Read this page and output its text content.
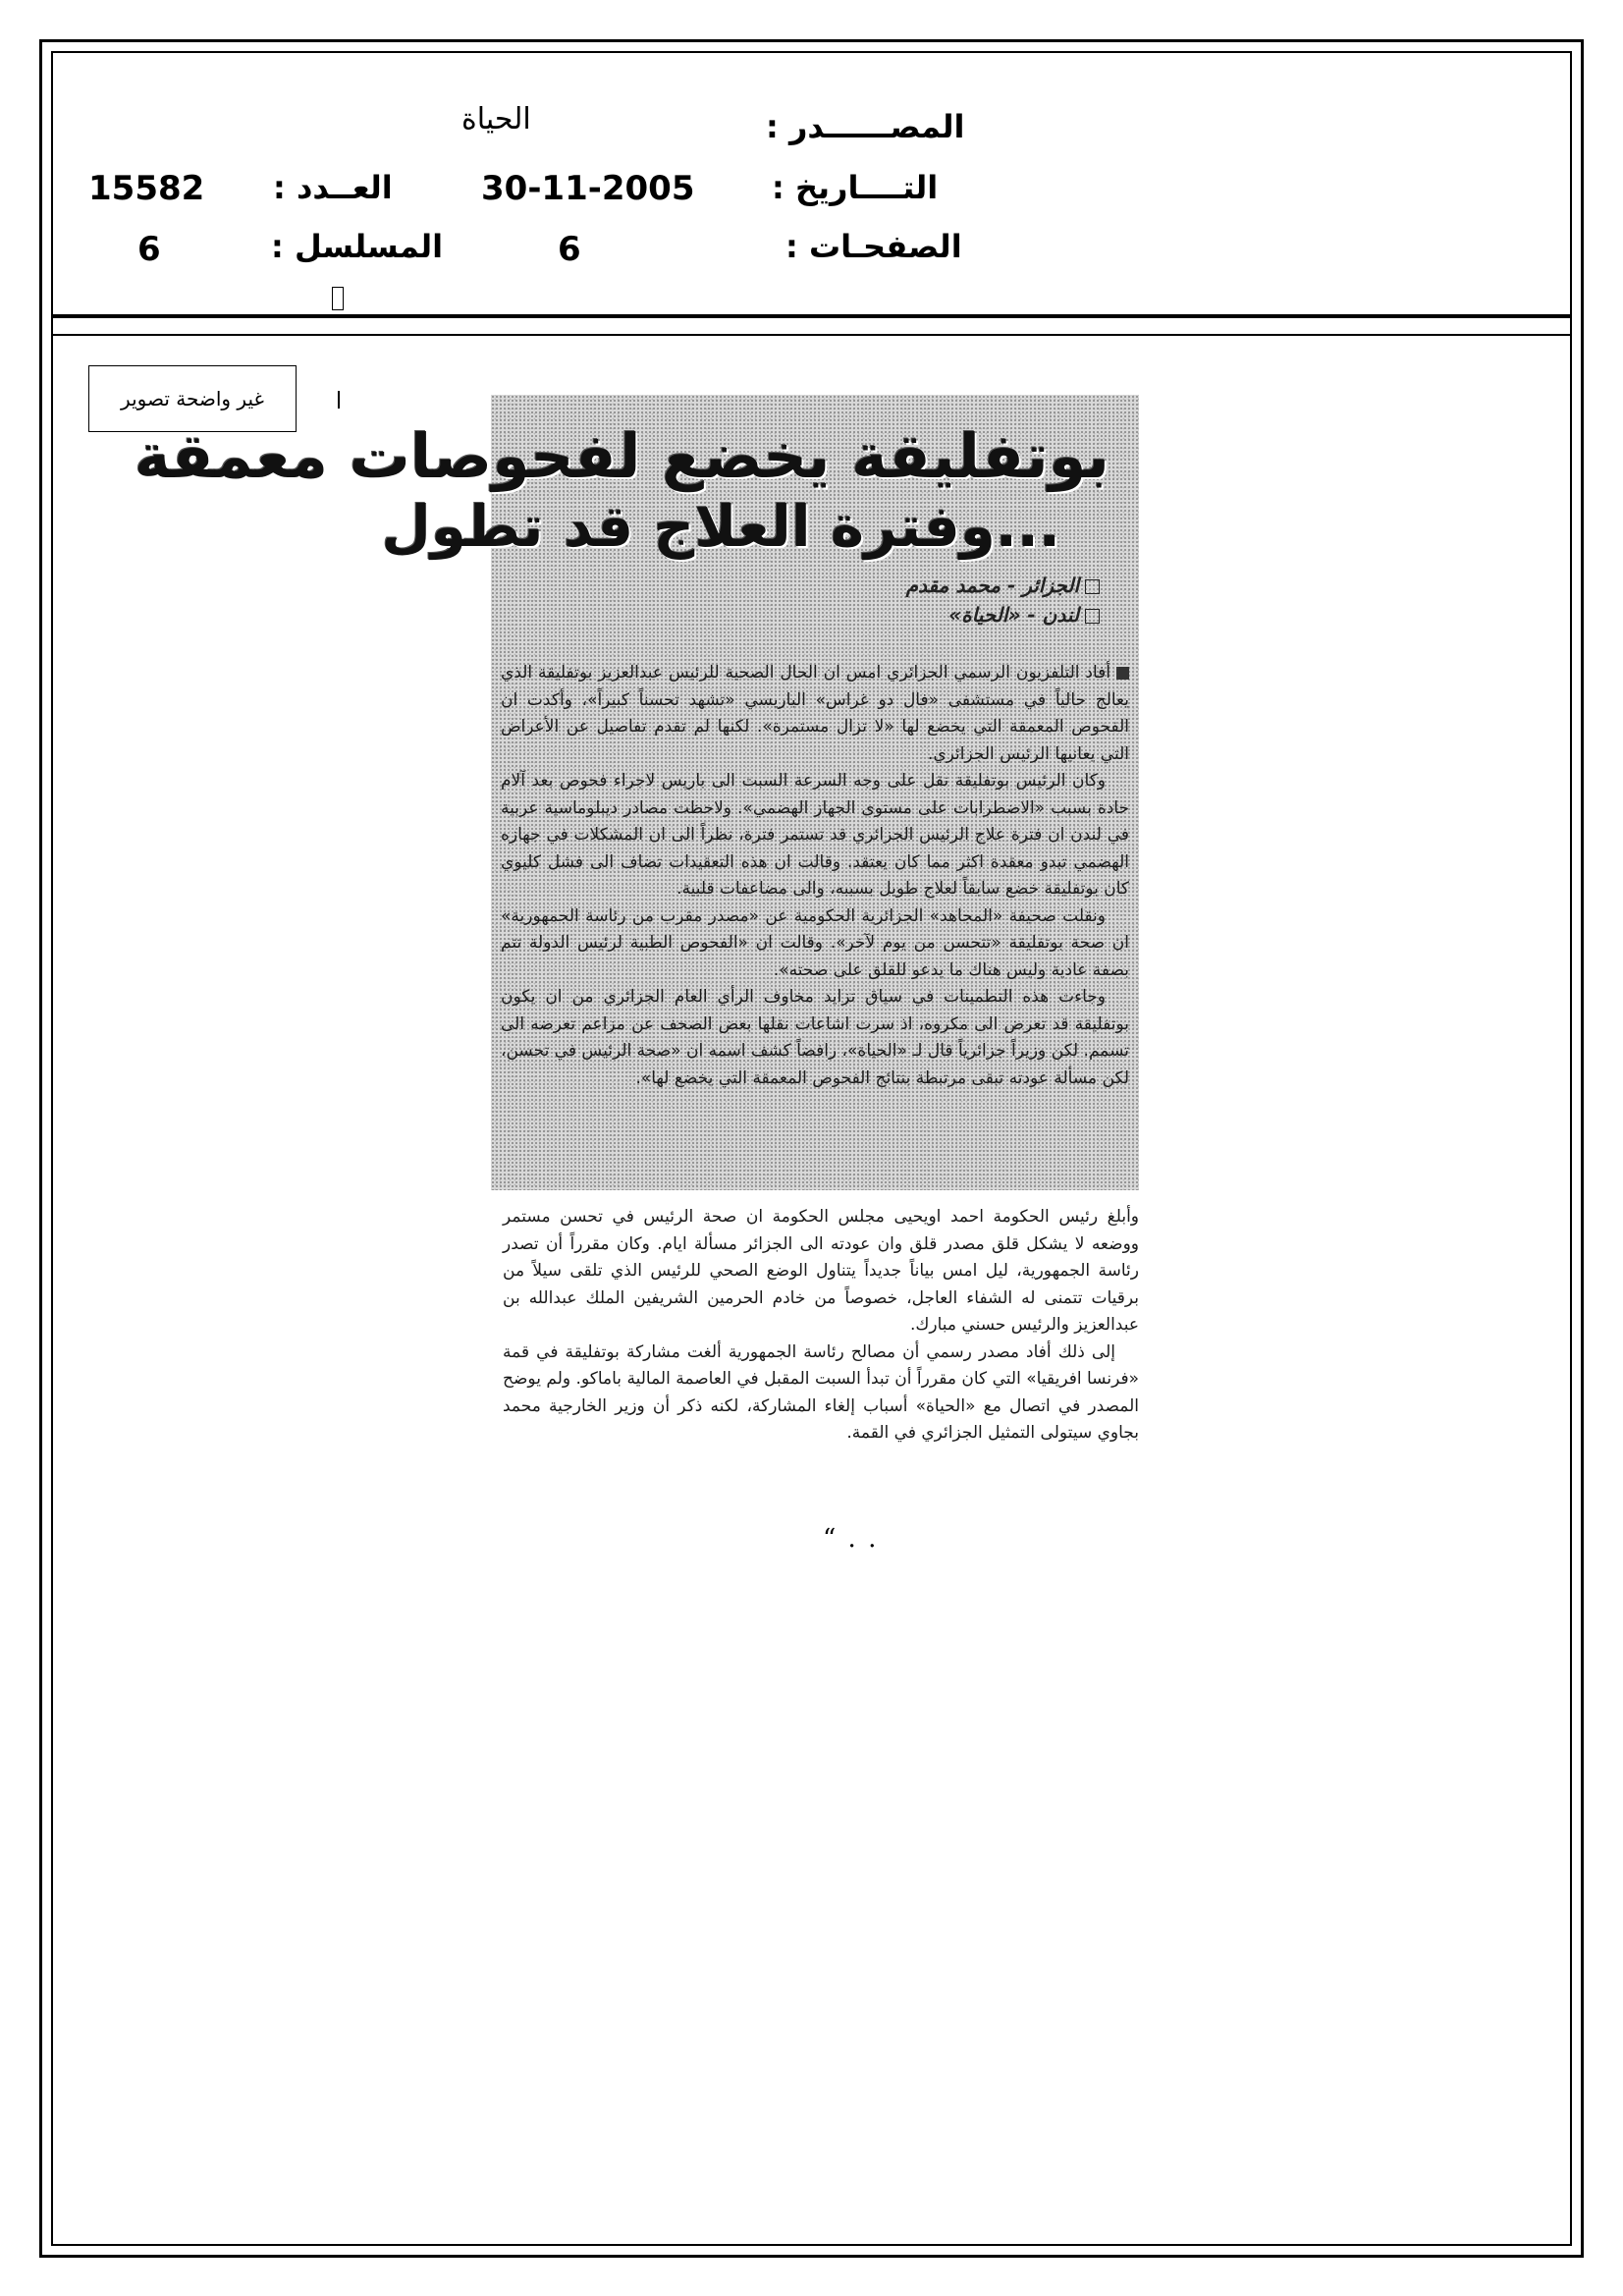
المصــــــدر :
الحياة
التــــاريخ :
30-11-2005
العــدد :
15582
الصفحـات :
6
المسلسل :
6
غير واضحة تصوير
بوتفليقة يخضع لفحوصات معمقة
...وفترة العلاج قد تطول
الجزائر - محمد مقدم
لندن - «الحياة»

أفاد التلفزيون الرسمي الجزائري امس ان الحال الصحية للرئيس عبدالعزيز بوتفليقة الذي يعالج حالياً في مستشفى «فال دو غراس» الباريسي «تشهد تحسناً كبيراً»، وأكدت ان الفحوص المعمقة التي يخضع لها «لا تزال مستمرة». لكنها لم تقدم تفاصيل عن الأعراض التي يعانيها الرئيس الجزائري.

وكان الرئيس بوتفليقة نقل على وجه السرعة السبت الى باريس لاجراء فحوص بعد آلام حادة بسبب «الاضطرابات على مستوى الجهاز الهضمي». ولاحظت مصادر ديبلوماسية عربية في لندن ان فترة علاج الرئيس الجزائري قد تستمر فترة، نظراً الى ان المشكلات في جهازه الهضمي تبدو معقدة اكثر مما كان يعتقد. وقالت ان هذه التعقيدات تضاف الى فشل كليوي كان بوتفليقة خضع سابقاً لعلاج طويل بسببه، والى مضاعفات قلبية.

ونقلت صحيفة «المجاهد» الجزائرية الحكومية عن «مصدر مقرب من رئاسة الجمهورية» ان صحة بوتفليقة «تتحسن من يوم لآخر». وقالت ان «الفحوص الطبية لرئيس الدولة تتم بصفة عادية وليس هناك ما يدعو للقلق على صحته».

وجاءت هذه التطمينات في سياق تزايد مخاوف الرأي العام الجزائري من ان يكون بوتفليقة قد تعرض الى مكروه، اذ سرت اشاعات نقلها بعض الصحف عن مزاعم تعرضه الى تسمم. لكن وزيراً جزائرياً قال لـ «الحياة»، رافضاً كشف اسمه ان «صحة الرئيس في تحسن، لكن مسألة عودته تبقى مرتبطة بنتائج الفحوص المعمقة التي يخضع لها».

وأبلغ رئيس الحكومة احمد اويحيى مجلس الحكومة ان صحة الرئيس في تحسن مستمر ووضعه لا يشكل قلق مصدر قلق وان عودته الى الجزائر مسألة ايام. وكان مقرراً أن تصدر رئاسة الجمهورية، ليل امس بياناً جديداً يتناول الوضع الصحي للرئيس الذي تلقى سيلاً من برقيات تتمنى له الشفاء العاجل، خصوصاً من خادم الحرمين الشريفين الملك عبدالله بن عبدالعزيز والرئيس حسني مبارك.

إلى ذلك أفاد مصدر رسمي أن مصالح رئاسة الجمهورية ألغت مشاركة بوتفليقة في قمة «فرنسا افريقيا» التي كان مقرراً أن تبدأ السبت المقبل في العاصمة المالية باماكو. ولم يوضح المصدر في اتصال مع «الحياة» أسباب إلغاء المشاركة، لكنه ذكر أن وزير الخارجية محمد بجاوي سيتولى التمثيل الجزائري في القمة.

“ . .
